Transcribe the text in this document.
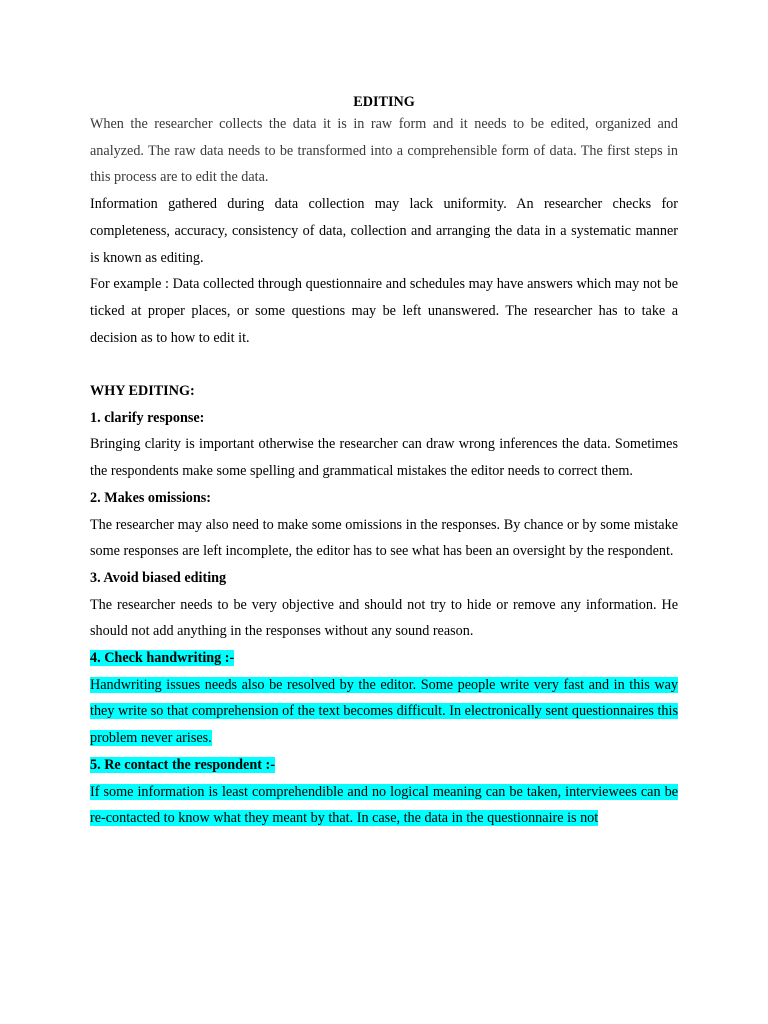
EDITING

When the researcher collects the data it is in raw form and it needs to be edited, organized and analyzed. The raw data needs to be transformed into a comprehensible form of data. The first steps in this process are to edit the data.

Information gathered during data collection may lack uniformity. An researcher checks for completeness, accuracy, consistency of data, collection and arranging the data in a systematic manner is known as editing.

For example : Data collected through questionnaire and schedules may have answers which may not be ticked at proper places, or some questions may be left unanswered. The researcher has to take a decision as to how to edit it.

WHY EDITING:

1. clarify response:

Bringing clarity is important otherwise the researcher can draw wrong inferences the data. Sometimes the respondents make some spelling and grammatical mistakes the editor needs to correct them.

2. Makes omissions:

The researcher may also need to make some omissions in the responses. By chance or by some mistake some responses are left incomplete, the editor has to see what has been an oversight by the respondent.

3. Avoid biased editing

The researcher needs to be very objective and should not try to hide or remove any information. He should not add anything in the responses without any sound reason.

4. Check handwriting :-

Handwriting issues needs also be resolved by the editor. Some people write very fast and in this way they write so that comprehension of the text becomes difficult. In electronically sent questionnaires this problem never arises.

5. Re contact the respondent :-

If some information is least comprehendible and no logical meaning can be taken, interviewees can be re-contacted to know what they meant by that. In case, the data in the questionnaire is not
